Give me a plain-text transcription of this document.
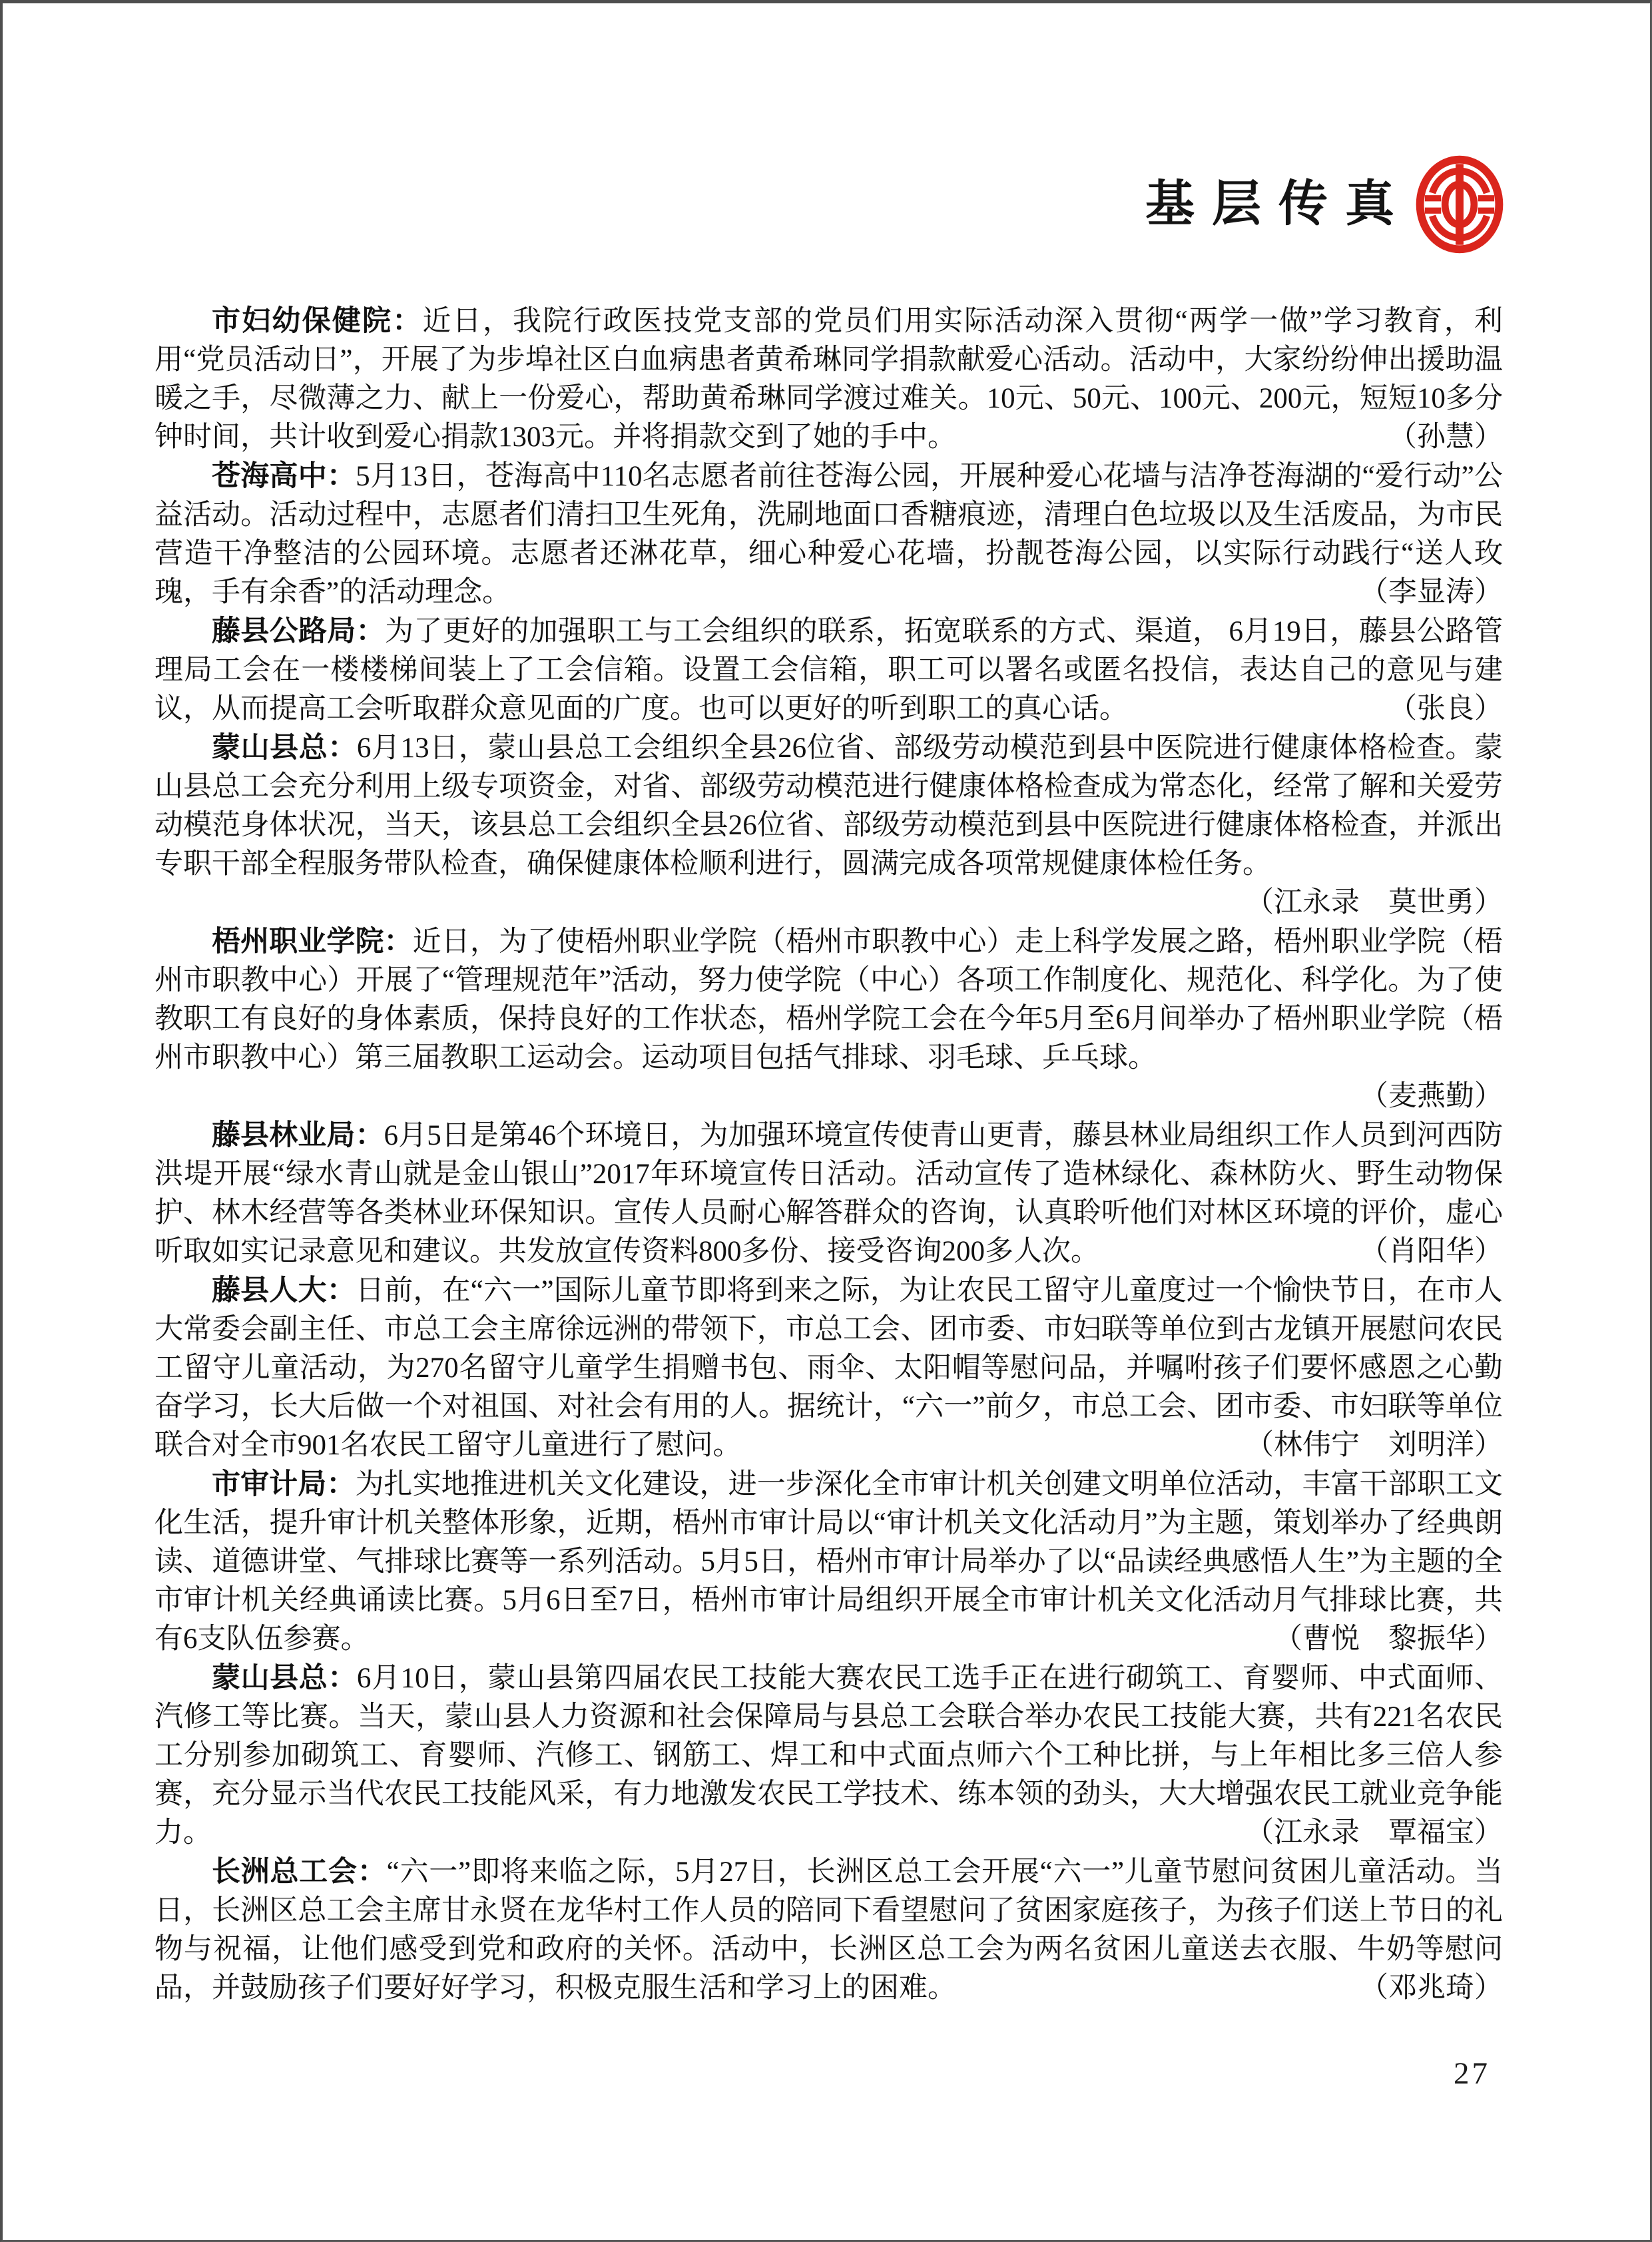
基层传真

市妇幼保健院：近日，我院行政医技党支部的党员们用实际活动深入贯彻“两学一做”学习教育，利用“党员活动日”，开展了为步埠社区白血病患者黄希琳同学捐款献爱心活动。活动中，大家纷纷伸出援助温暖之手，尽微薄之力、献上一份爱心，帮助黄希琳同学渡过难关。10元、50元、100元、200元，短短10多分钟时间，共计收到爱心捐款1303元。并将捐款交到了她的手中。	（孙慧）

苍海高中：5月13日，苍海高中110名志愿者前往苍海公园，开展种爱心花墙与洁净苍海湖的“爱行动”公益活动。活动过程中，志愿者们清扫卫生死角，洗刷地面口香糖痕迹，清理白色垃圾以及生活废品，为市民营造干净整洁的公园环境。志愿者还淋花草，细心种爱心花墙，扮靓苍海公园，以实际行动践行“送人玫瑰，手有余香”的活动理念。	（李显涛）

藤县公路局：为了更好的加强职工与工会组织的联系，拓宽联系的方式、渠道， 6月19日，藤县公路管理局工会在一楼楼梯间装上了工会信箱。设置工会信箱，职工可以署名或匿名投信，表达自己的意见与建议，从而提高工会听取群众意见面的广度。也可以更好的听到职工的真心话。	（张良）

蒙山县总：6月13日，蒙山县总工会组织全县26位省、部级劳动模范到县中医院进行健康体格检查。蒙山县总工会充分利用上级专项资金，对省、部级劳动模范进行健康体格检查成为常态化，经常了解和关爱劳动模范身体状况，当天，该县总工会组织全县26位省、部级劳动模范到县中医院进行健康体格检查，并派出专职干部全程服务带队检查，确保健康体检顺利进行，圆满完成各项常规健康体检任务。
（江永录　莫世勇）

梧州职业学院：近日，为了使梧州职业学院（梧州市职教中心）走上科学发展之路，梧州职业学院（梧州市职教中心）开展了“管理规范年”活动，努力使学院（中心）各项工作制度化、规范化、科学化。为了使教职工有良好的身体素质，保持良好的工作状态，梧州学院工会在今年5月至6月间举办了梧州职业学院（梧州市职教中心）第三届教职工运动会。运动项目包括气排球、羽毛球、乒乓球。
（麦燕勤）

藤县林业局：6月5日是第46个环境日，为加强环境宣传使青山更青，藤县林业局组织工作人员到河西防洪堤开展“绿水青山就是金山银山”2017年环境宣传日活动。活动宣传了造林绿化、森林防火、野生动物保护、林木经营等各类林业环保知识。宣传人员耐心解答群众的咨询，认真聆听他们对林区环境的评价，虚心听取如实记录意见和建议。共发放宣传资料800多份、接受咨询200多人次。	（肖阳华）

藤县人大：日前，在“六一”国际儿童节即将到来之际，为让农民工留守儿童度过一个愉快节日，在市人大常委会副主任、市总工会主席徐远洲的带领下，市总工会、团市委、市妇联等单位到古龙镇开展慰问农民工留守儿童活动，为270名留守儿童学生捐赠书包、雨伞、太阳帽等慰问品，并嘱咐孩子们要怀感恩之心勤奋学习，长大后做一个对祖国、对社会有用的人。据统计，“六一”前夕，市总工会、团市委、市妇联等单位联合对全市901名农民工留守儿童进行了慰问。	（林伟宁　刘明洋）

市审计局：为扎实地推进机关文化建设，进一步深化全市审计机关创建文明单位活动，丰富干部职工文化生活，提升审计机关整体形象，近期，梧州市审计局以“审计机关文化活动月”为主题，策划举办了经典朗读、道德讲堂、气排球比赛等一系列活动。5月5日，梧州市审计局举办了以“品读经典感悟人生”为主题的全市审计机关经典诵读比赛。5月6日至7日，梧州市审计局组织开展全市审计机关文化活动月气排球比赛，共有6支队伍参赛。	（曹悦　黎振华）

蒙山县总：6月10日，蒙山县第四届农民工技能大赛农民工选手正在进行砌筑工、育婴师、中式面师、汽修工等比赛。当天，蒙山县人力资源和社会保障局与县总工会联合举办农民工技能大赛，共有221名农民工分别参加砌筑工、育婴师、汽修工、钢筋工、焊工和中式面点师六个工种比拼，与上年相比多三倍人参赛，充分显示当代农民工技能风采，有力地激发农民工学技术、练本领的劲头，大大增强农民工就业竞争能力。	（江永录　覃福宝）

长洲总工会：“六一”即将来临之际，5月27日，长洲区总工会开展“六一”儿童节慰问贫困儿童活动。当日，长洲区总工会主席甘永贤在龙华村工作人员的陪同下看望慰问了贫困家庭孩子，为孩子们送上节日的礼物与祝福，让他们感受到党和政府的关怀。活动中，长洲区总工会为两名贫困儿童送去衣服、牛奶等慰问品，并鼓励孩子们要好好学习，积极克服生活和学习上的困难。	（邓兆琦）

27
